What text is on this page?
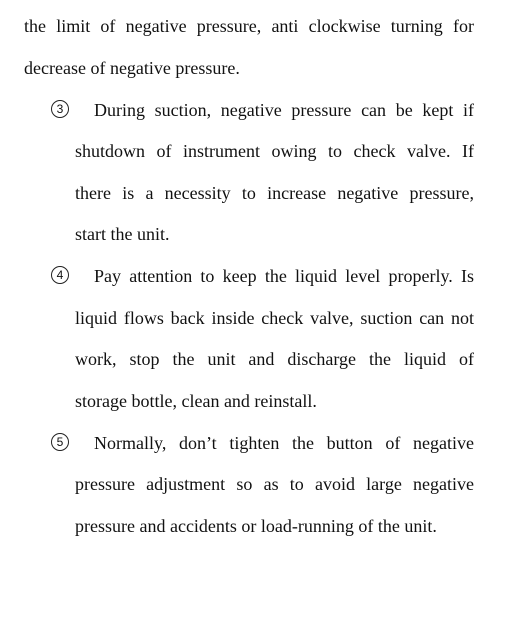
the limit of negative pressure, anti clockwise turning for

decrease of negative pressure.

3	During suction, negative pressure can be kept if

shutdown of instrument owing to check valve. If

there is a necessity to increase negative pressure,

start the unit.

4	Pay attention to keep the liquid level properly. Is

liquid flows back inside check valve, suction can not

work, stop the unit and discharge the liquid of

storage bottle, clean and reinstall.

5	Normally, don’t tighten the button of negative

pressure adjustment so as to avoid large negative

pressure and accidents or load-running of the unit.
